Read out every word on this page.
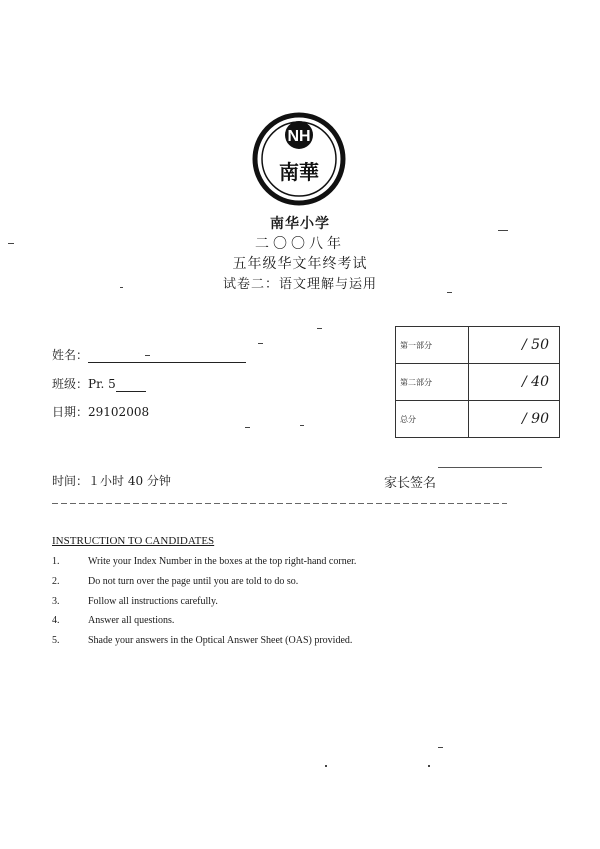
NH
南華
南华小学
二〇〇八年
五年级华文年终考试
试卷二：语文理解与运用
姓名：
班级：Pr. 5
日期：29102008
第一部分	/ 50
第二部分	/ 40
总分	/ 90
时间：１小时 40 分钟	家长签名
INSTRUCTION TO CANDIDATES
1.	Write your Index Number in the boxes at the top right-hand corner.
2.	Do not turn over the page until you are told to do so.
3.	Follow all instructions carefully.
4.	Answer all questions.
5.	Shade your answers in the Optical Answer Sheet (OAS) provided.
